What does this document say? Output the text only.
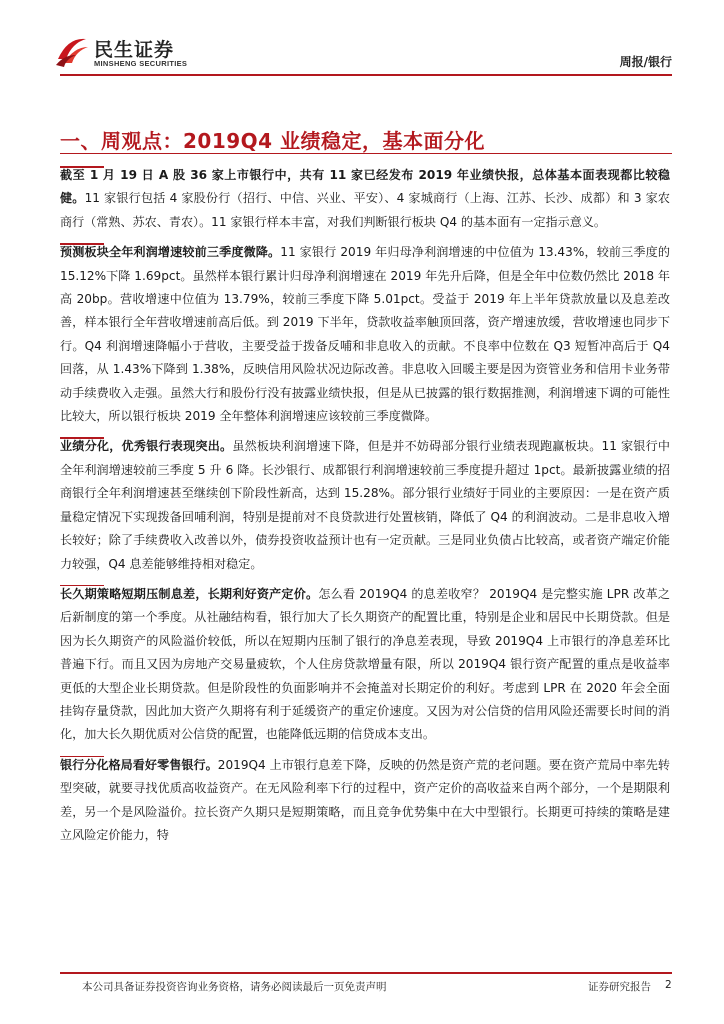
民生证券
MINSHENG SECURITIES	周报/银行
一、周观点：2019Q4 业绩稳定，基本面分化

截至 1 月 19 日 A 股 36 家上市银行中，共有 11 家已经发布 2019 年业绩快报，总体基本面表现都比较稳健。11 家银行包括 4 家股份行（招行、中信、兴业、平安）、4 家城商行（上海、江苏、长沙、成都）和 3 家农商行（常熟、苏农、青农）。11 家银行样本丰富，对我们判断银行板块 Q4 的基本面有一定指示意义。

预测板块全年利润增速较前三季度微降。11 家银行 2019 年归母净利润增速的中位值为 13.43%，较前三季度的 15.12%下降 1.69pct。虽然样本银行累计归母净利润增速在 2019 年先升后降，但是全年中位数仍然比 2018 年高 20bp。营收增速中位值为 13.79%，较前三季度下降 5.01pct。受益于 2019 年上半年贷款放量以及息差改善，样本银行全年营收增速前高后低。到 2019 下半年，贷款收益率触顶回落，资产增速放缓，营收增速也同步下行。Q4 利润增速降幅小于营收，主要受益于拨备反哺和非息收入的贡献。不良率中位数在 Q3 短暂冲高后于 Q4 回落，从 1.43%下降到 1.38%，反映信用风险状况边际改善。非息收入回暖主要是因为资管业务和信用卡业务带动手续费收入走强。虽然大行和股份行没有披露业绩快报，但是从已披露的银行数据推测，利润增速下调的可能性比较大，所以银行板块 2019 全年整体利润增速应该较前三季度微降。

业绩分化，优秀银行表现突出。虽然板块利润增速下降，但是并不妨碍部分银行业绩表现跑赢板块。11 家银行中全年利润增速较前三季度 5 升 6 降。长沙银行、成都银行利润增速较前三季度提升超过 1pct。最新披露业绩的招商银行全年利润增速甚至继续创下阶段性新高，达到 15.28%。部分银行业绩好于同业的主要原因：一是在资产质量稳定情况下实现拨备回哺利润，特别是提前对不良贷款进行处置核销，降低了 Q4 的利润波动。二是非息收入增长较好；除了手续费收入改善以外，债券投资收益预计也有一定贡献。三是同业负债占比较高，或者资产端定价能力较强，Q4 息差能够维持相对稳定。

长久期策略短期压制息差，长期利好资产定价。怎么看 2019Q4 的息差收窄？ 2019Q4 是完整实施 LPR 改革之后新制度的第一个季度。从社融结构看，银行加大了长久期资产的配置比重，特别是企业和居民中长期贷款。但是因为长久期资产的风险溢价较低，所以在短期内压制了银行的净息差表现，导致 2019Q4 上市银行的净息差环比普遍下行。而且又因为房地产交易量疲软，个人住房贷款增量有限，所以 2019Q4 银行资产配置的重点是收益率更低的大型企业长期贷款。但是阶段性的负面影响并不会掩盖对长期定价的利好。考虑到 LPR 在 2020 年会全面挂钩存量贷款，因此加大资产久期将有利于延缓资产的重定价速度。又因为对公信贷的信用风险还需要长时间的消化，加大长久期优质对公信贷的配置，也能降低远期的信贷成本支出。

银行分化格局看好零售银行。2019Q4 上市银行息差下降，反映的仍然是资产荒的老问题。要在资产荒局中率先转型突破，就要寻找优质高收益资产。在无风险利率下行的过程中，资产定价的高收益来自两个部分，一个是期限利差，另一个是风险溢价。拉长资产久期只是短期策略，而且竞争优势集中在大中型银行。长期更可持续的策略是建立风险定价能力，特

本公司具备证券投资咨询业务资格，请务必阅读最后一页免责声明	证券研究报告 2
